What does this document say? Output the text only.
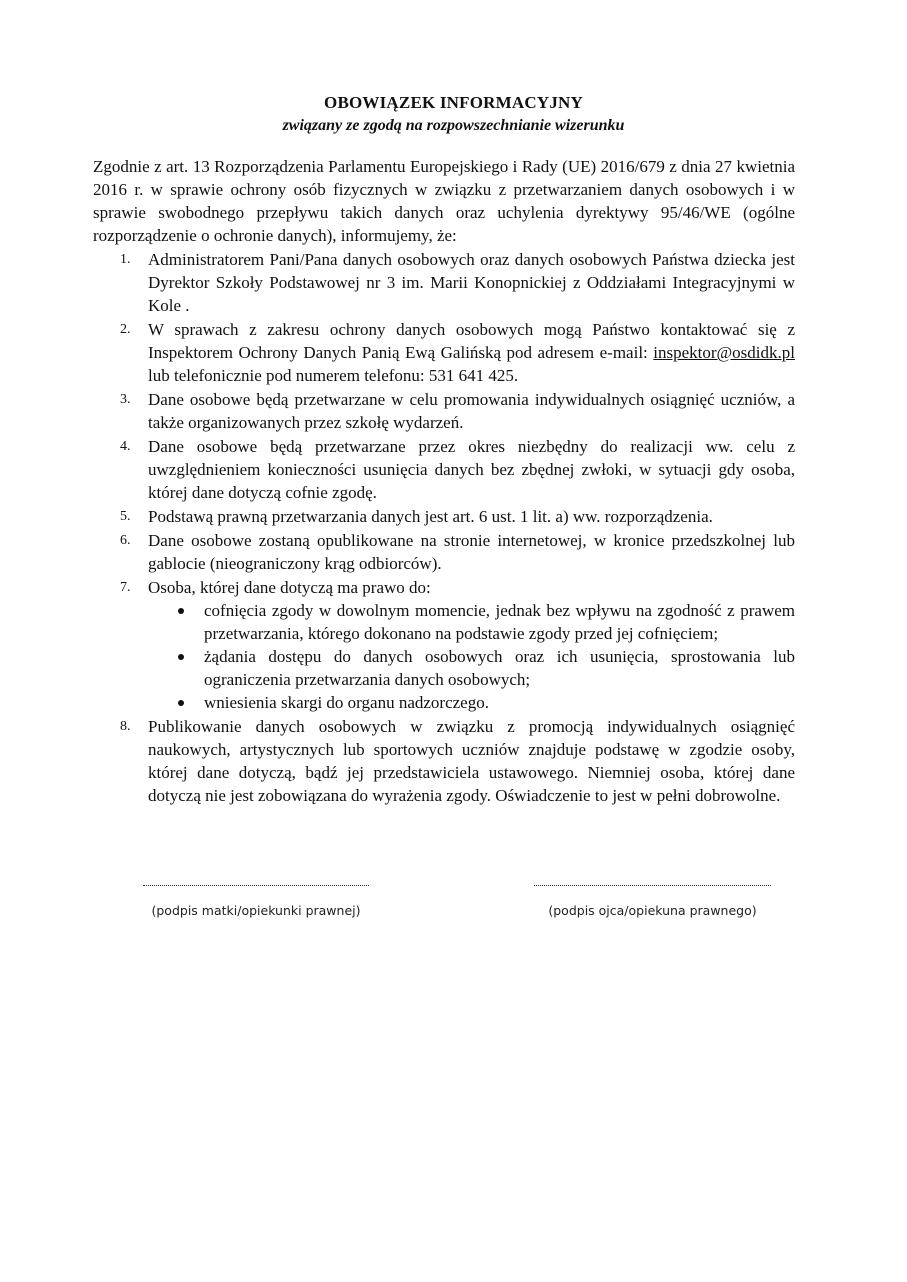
OBOWIĄZEK INFORMACYJNY
związany ze zgodą na rozpowszechnianie wizerunku

Zgodnie z art. 13 Rozporządzenia Parlamentu Europejskiego i Rady (UE) 2016/679 z dnia 27 kwietnia 2016 r. w sprawie ochrony osób fizycznych w związku z przetwarzaniem danych osobowych i w sprawie swobodnego przepływu takich danych oraz uchylenia dyrektywy 95/46/WE (ogólne rozporządzenie o ochronie danych), informujemy, że:

1. Administratorem Pani/Pana danych osobowych oraz danych osobowych Państwa dziecka jest Dyrektor Szkoły Podstawowej nr 3 im. Marii Konopnickiej z Oddziałami Integracyjnymi w Kole .
2. W sprawach z zakresu ochrony danych osobowych mogą Państwo kontaktować się z Inspektorem Ochrony Danych Panią Ewą Galińską pod adresem e-mail: inspektor@osdidk.pl lub telefonicznie pod numerem telefonu: 531 641 425.
3. Dane osobowe będą przetwarzane w celu promowania indywidualnych osiągnięć uczniów, a także organizowanych przez szkołę wydarzeń.
4. Dane osobowe będą przetwarzane przez okres niezbędny do realizacji ww. celu z uwzględnieniem konieczności usunięcia danych bez zbędnej zwłoki, w sytuacji gdy osoba, której dane dotyczą cofnie zgodę.
5. Podstawą prawną przetwarzania danych jest art. 6 ust. 1 lit. a) ww. rozporządzenia.
6. Dane osobowe zostaną opublikowane na stronie internetowej, w kronice przedszkolnej lub gablocie (nieograniczony krąg odbiorców).
7. Osoba, której dane dotyczą ma prawo do:
cofnięcia zgody w dowolnym momencie, jednak bez wpływu na zgodność z prawem przetwarzania, którego dokonano na podstawie zgody przed jej cofnięciem;
żądania dostępu do danych osobowych oraz ich usunięcia, sprostowania lub ograniczenia przetwarzania danych osobowych;
wniesienia skargi do organu nadzorczego.
8. Publikowanie danych osobowych w związku z promocją indywidualnych osiągnięć naukowych, artystycznych lub sportowych uczniów znajduje podstawę w zgodzie osoby, której dane dotyczą, bądź jej przedstawiciela ustawowego. Niemniej osoba, której dane dotyczą nie jest zobowiązana do wyrażenia zgody. Oświadczenie to jest w pełni dobrowolne.
(podpis matki/opiekunki prawnej)	(podpis ojca/opiekuna prawnego)
